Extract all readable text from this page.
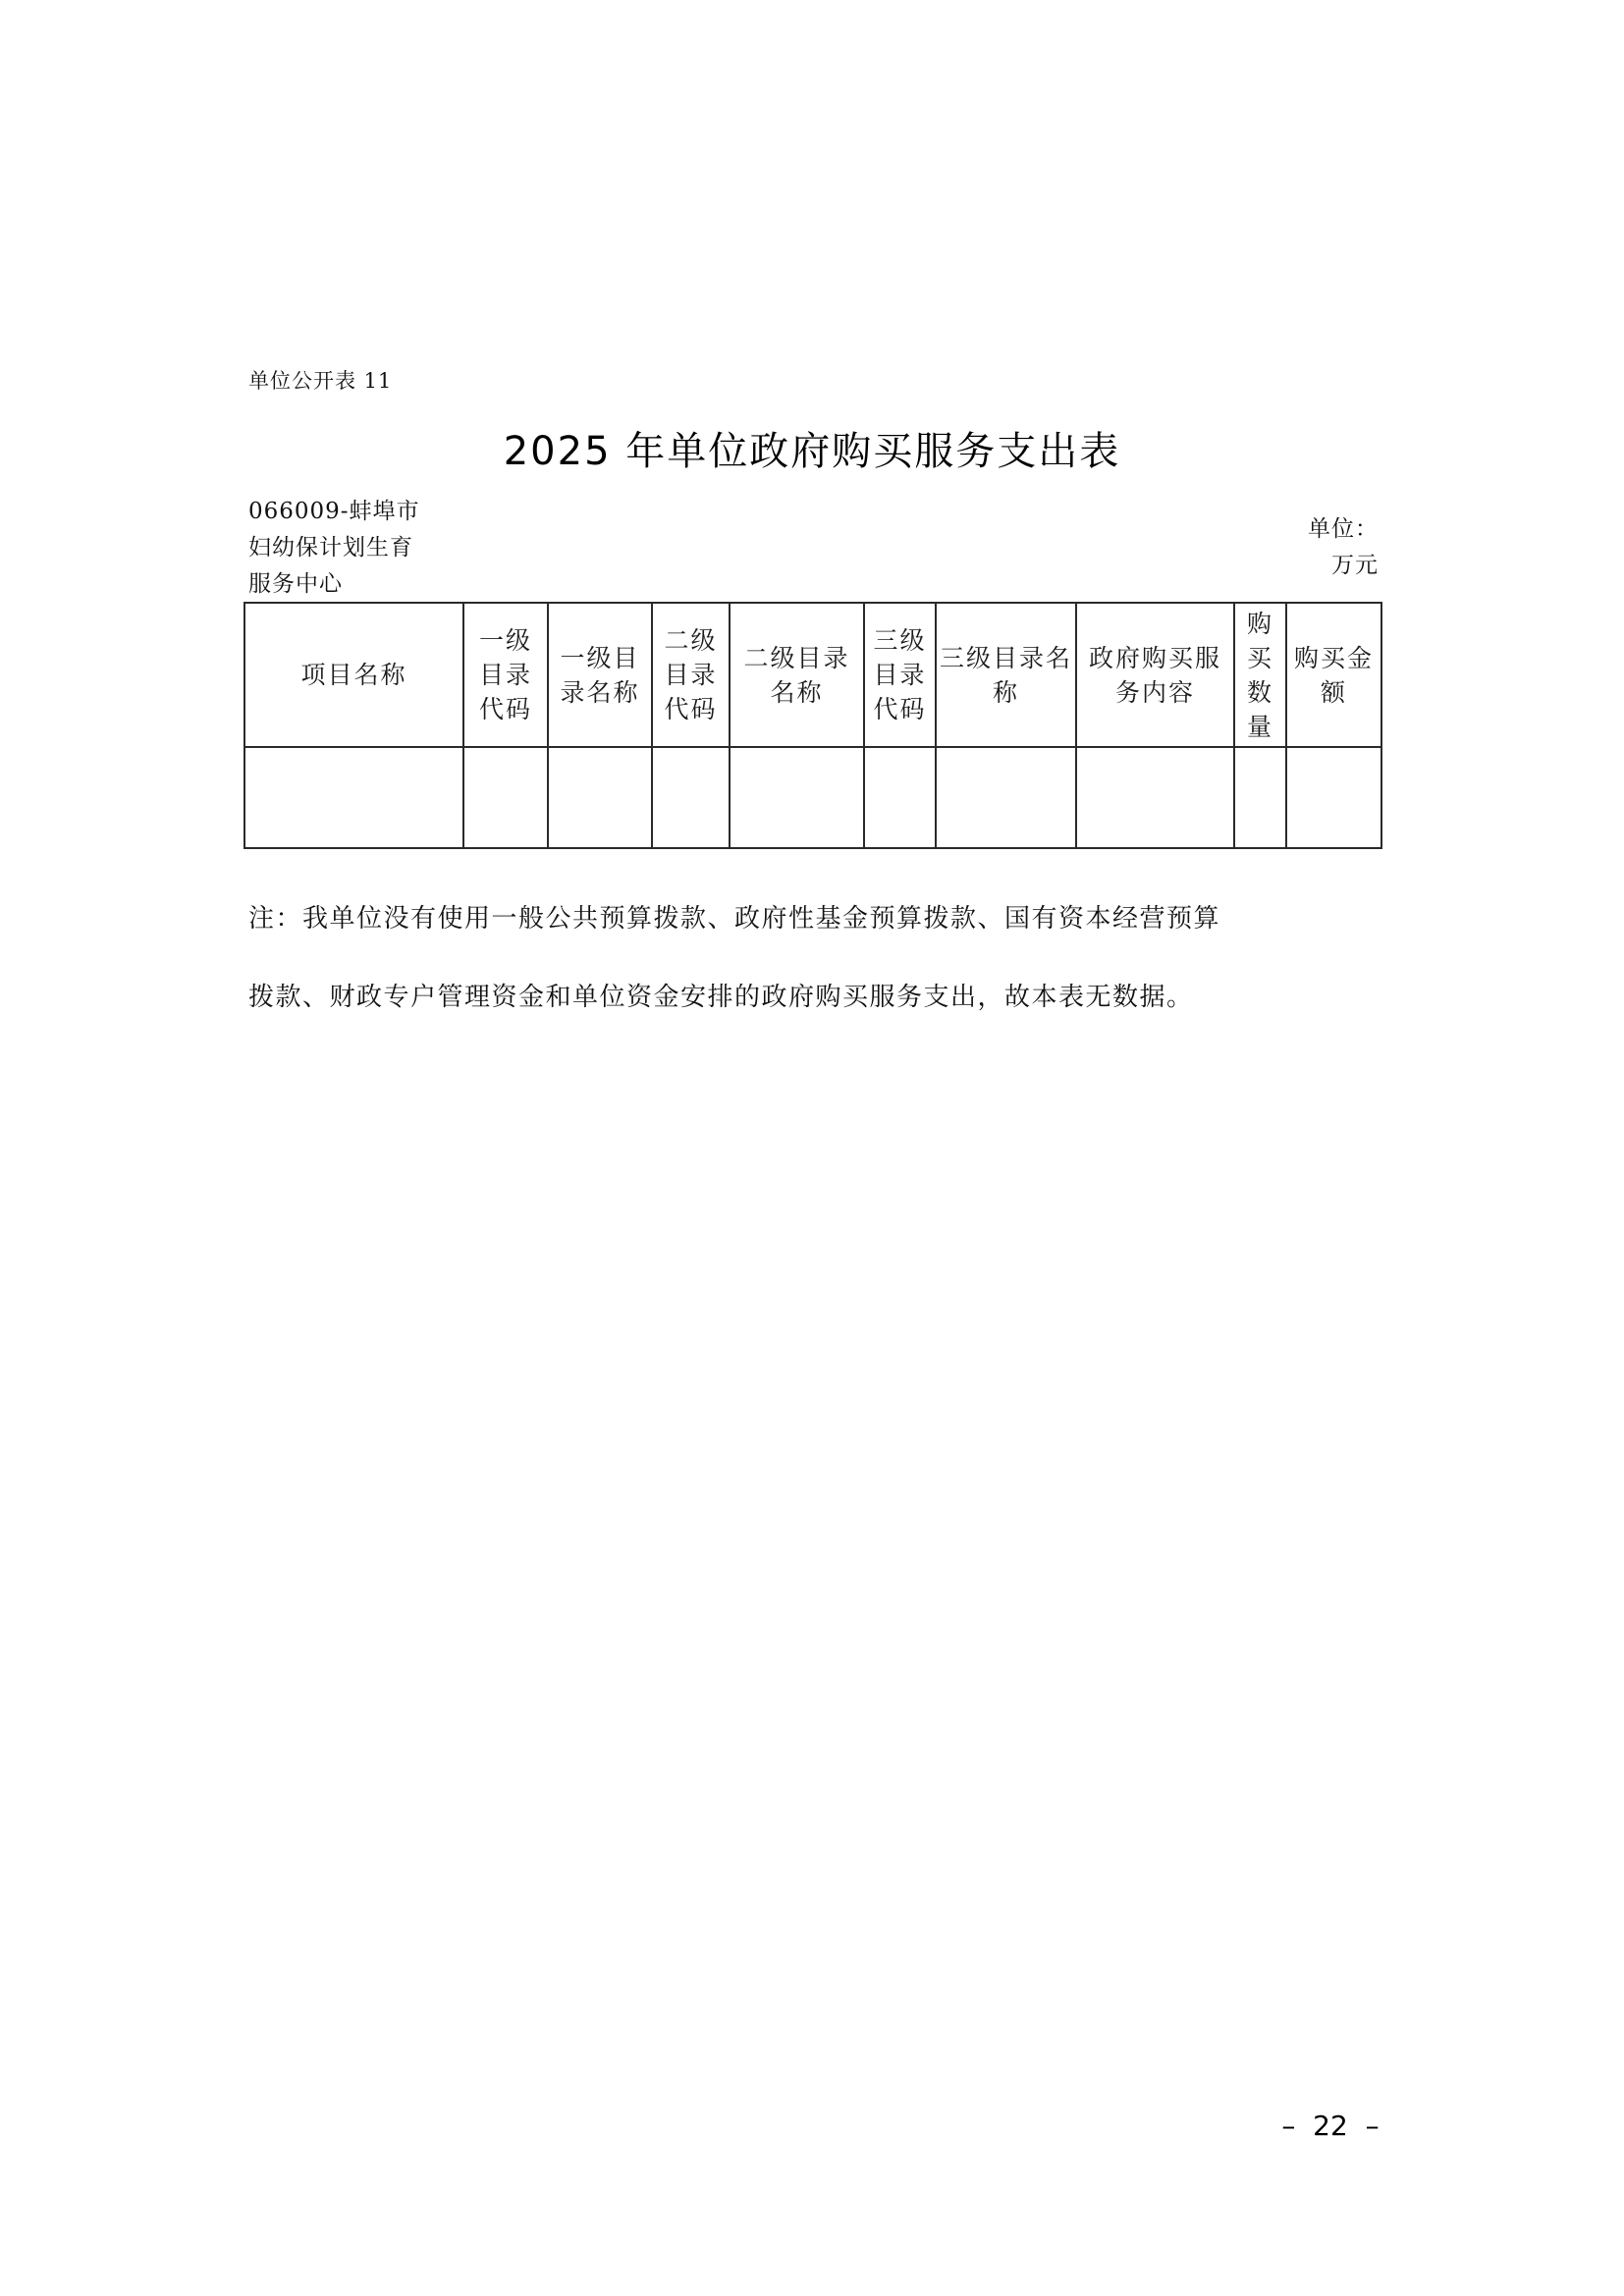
单位公开表 11
2025 年单位政府购买服务支出表
066009-蚌埠市
妇幼保计划生育
服务中心
单位：
万元
项目名称	一级目录代码	一级目录名称	二级目录代码	二级目录名称	三级目录代码	三级目录名称	政府购买服务内容	购买数量	购买金额

注：我单位没有使用一般公共预算拨款、政府性基金预算拨款、国有资本经营预算
拨款、财政专户管理资金和单位资金安排的政府购买服务支出，故本表无数据。
–  22  –
